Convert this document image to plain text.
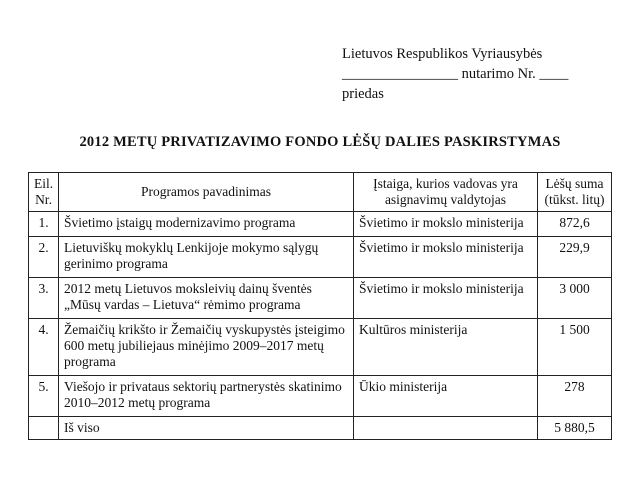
Lietuvos Respublikos Vyriausybės
________________ nutarimo Nr. ____
priedas
2012 METŲ PRIVATIZAVIMO FONDO LĖŠŲ DALIES PASKIRSTYMAS
Eil. Nr.	Programos pavadinimas	Įstaiga, kurios vadovas yra asignavimų valdytojas	Lėšų suma (tūkst. litų)
1.	Švietimo įstaigų modernizavimo programa	Švietimo ir mokslo ministerija	872,6
2.	Lietuviškų mokyklų Lenkijoje mokymo sąlygų gerinimo programa	Švietimo ir mokslo ministerija	229,9
3.	2012 metų Lietuvos moksleivių dainų šventės „Mūsų vardas – Lietuva“ rėmimo programa	Švietimo ir mokslo ministerija	3 000
4.	Žemaičių krikšto ir Žemaičių vyskupystės įsteigimo 600 metų jubiliejaus minėjimo 2009–2017 metų programa	Kultūros ministerija	1 500
5.	Viešojo ir privataus sektorių partnerystės skatinimo 2010–2012 metų programa	Ūkio ministerija	278
	Iš viso		5 880,5
